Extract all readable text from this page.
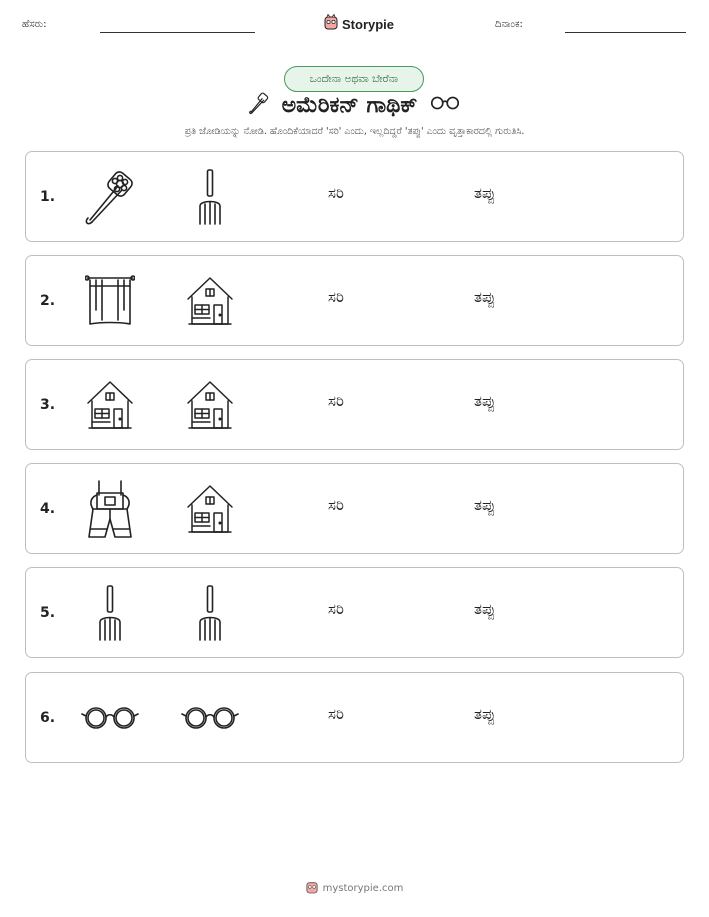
ಹೆಸರು:	Storypie	ದಿನಾಂಕ:
ಒಂದೇನಾ ಅಥವಾ ಬೇರೆನಾ
ಅಮೆರಿಕನ್ ಗಾಥಿಕ್
ಪ್ರತಿ ಜೋಡಿಯನ್ನು ನೋಡಿ. ಹೊಂದಿಕೆಯಾದರೆ 'ಸರಿ' ಎಂದು, ಇಲ್ಲದಿದ್ದರೆ 'ತಪ್ಪು' ಎಂದು ವೃತ್ತಾಕಾರದಲ್ಲಿ ಗುರುತಿಸಿ.
1.	ಸರಿ	ತಪ್ಪು
2.	ಸರಿ	ತಪ್ಪು
3.	ಸರಿ	ತಪ್ಪು
4.	ಸರಿ	ತಪ್ಪು
5.	ಸರಿ	ತಪ್ಪು
6.	ಸರಿ	ತಪ್ಪು
mystorypie.com
